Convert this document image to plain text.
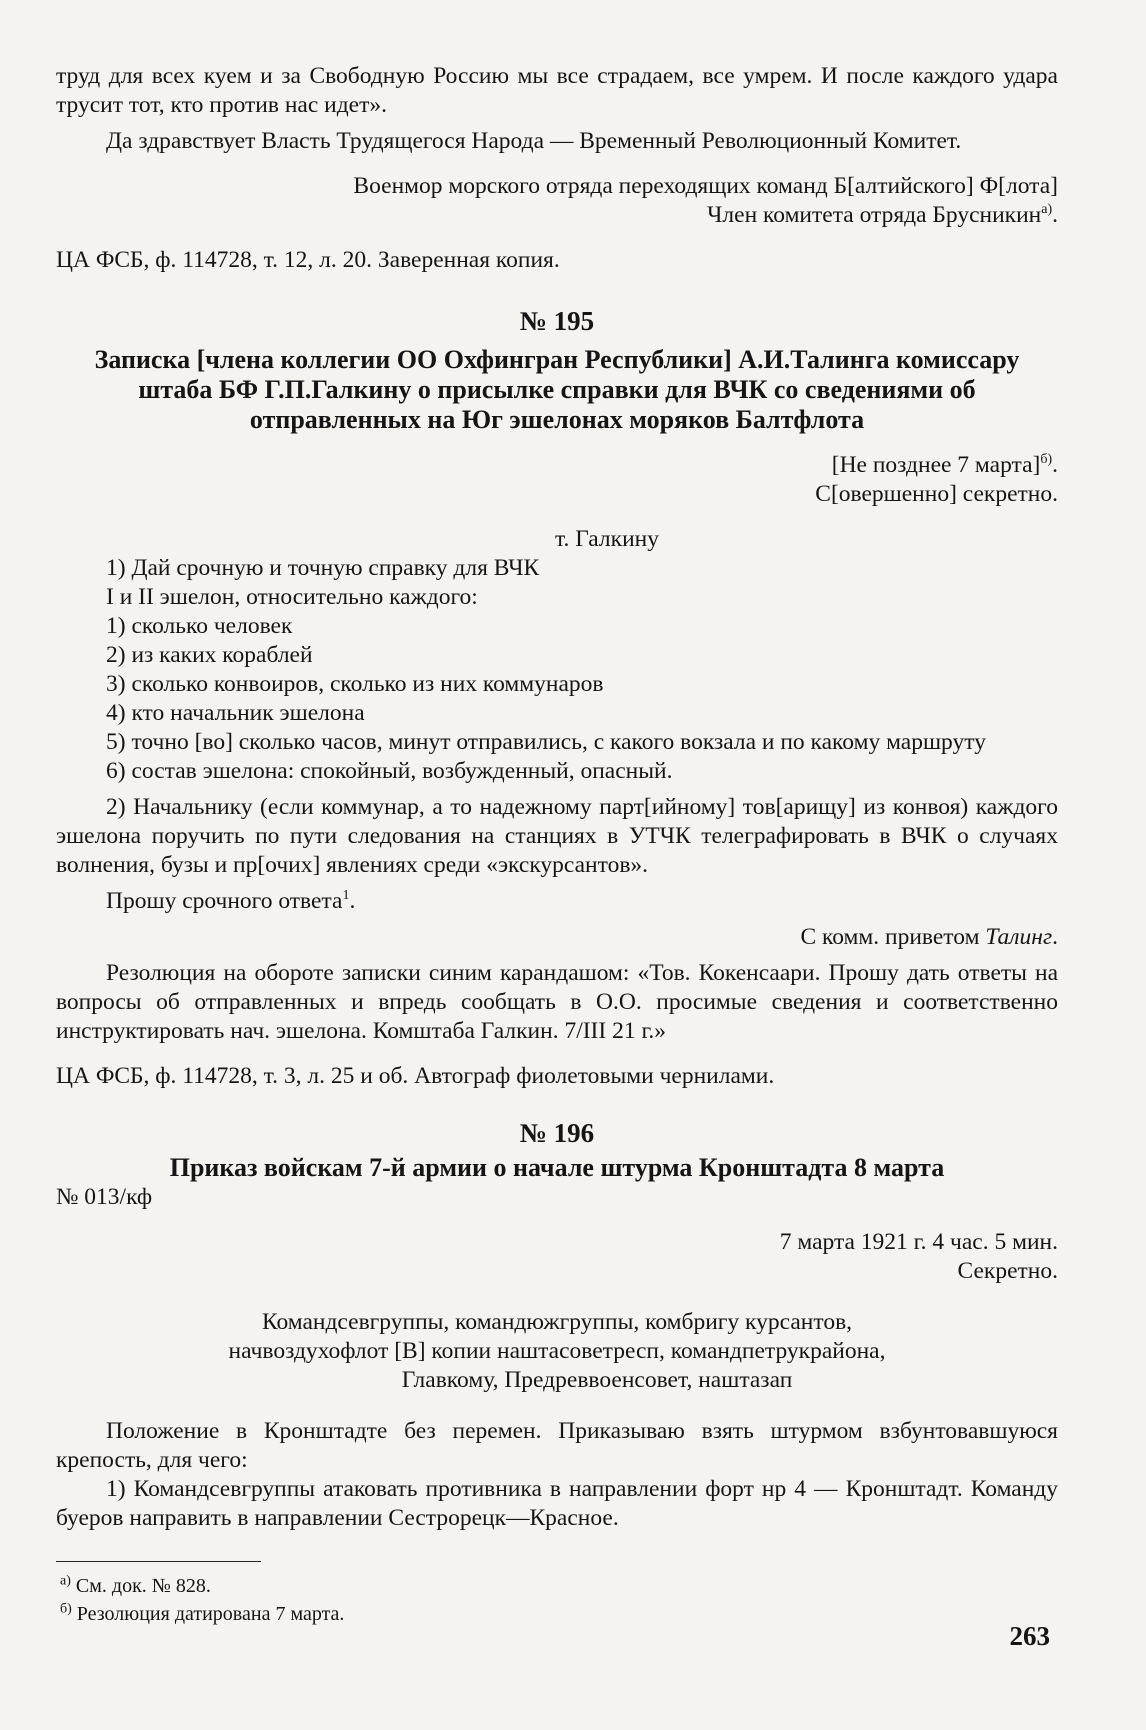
труд для всех куем и за Свободную Россию мы все страдаем, все умрем. И после каждого удара трусит тот, кто против нас идет».

Да здравствует Власть Трудящегося Народа — Временный Революционный Комитет.

Военмор морского отряда переходящих команд Б[алтийского] Ф[лота]

Член комитета отряда Брусникин$^{а)}$.

ЦА ФСБ, ф. 114728, т. 12, л. 20. Заверенная копия.

№ 195
Записка [члена коллегии ОО Охфингран Республики] А.И.Талинга комиссару штаба БФ Г.П.Галкину о присылке справки для ВЧК со сведениями об отправленных на Юг эшелонах моряков Балтфлота

[Не позднее 7 марта]$^{б)}$.

С[овершенно] секретно.

т. Галкину

1) Дай срочную и точную справку для ВЧК

I и II эшелон, относительно каждого:

1) сколько человек

2) из каких кораблей

3) сколько конвоиров, сколько из них коммунаров

4) кто начальник эшелона

5) точно [во] сколько часов, минут отправились, с какого вокзала и по какому маршруту

6) состав эшелона: спокойный, возбужденный, опасный.

2) Начальнику (если коммунар, а то надежному парт[ийному] тов[арищу] из конвоя) каждого эшелона поручить по пути следования на станциях в УТЧК телеграфировать в ВЧК о случаях волнения, бузы и пр[очих] явлениях среди «экскурсантов».

Прошу срочного ответа$^1$.

С комм. приветом Талинг.

Резолюция на обороте записки синим карандашом: «Тов. Кокенсаари. Прошу дать ответы на вопросы об отправленных и впредь сообщать в О.О. просимые сведения и соответственно инструктировать нач. эшелона. Комштаба Галкин. 7/III 21 г.»

ЦА ФСБ, ф. 114728, т. 3, л. 25 и об. Автограф фиолетовыми чернилами.

№ 196
Приказ войскам 7-й армии о начале штурма Кронштадта 8 марта

№ 013/кф

7 марта 1921 г. 4 час. 5 мин.

Секретно.

Командсевгруппы, командюжгруппы, комбригу курсантов,

начвоздухофлот [В] копии наштасоветресп, командпетрукрайона,

Главкому, Предреввоенсовет, наштазап

Положение в Кронштадте без перемен. Приказываю взять штурмом взбунтовавшуюся крепость, для чего:

1) Командсевгруппы атаковать противника в направлении форт нр 4 — Кронштадт. Команду буеров направить в направлении Сестрорецк—Красное.

$^{а)}$ См. док. № 828.

$^{б)}$ Резолюция датирована 7 марта.

263
